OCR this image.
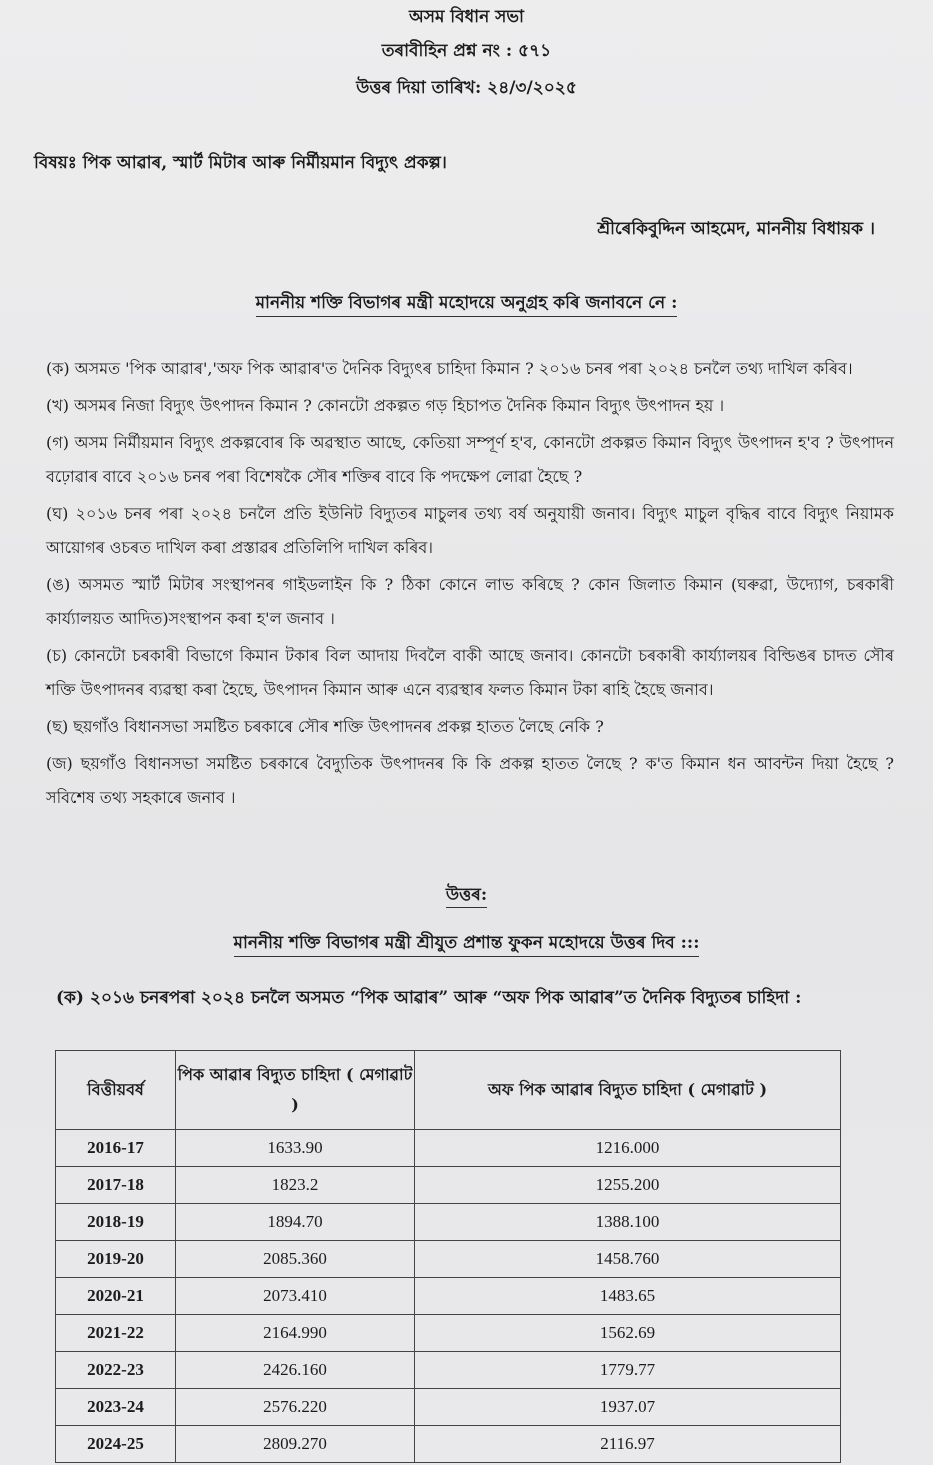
অসম বিধান সভা
তৰাবীহিন প্ৰশ্ন নং : ৫৭১
উত্তৰ দিয়া তাৰিখ: ২৪/৩/২০২৫
বিষয়ঃ পিক আৱাৰ, স্মাৰ্ট মিটাৰ আৰু নিৰ্মীয়মান বিদ্যুৎ প্ৰকল্প।
শ্ৰীৰেকিবুদ্দিন আহমেদ, মাননীয় বিধায়ক ।
মাননীয় শক্তি বিভাগৰ মন্ত্ৰী মহোদয়ে অনুগ্ৰহ কৰি জনাবনে নে :

(ক) অসমত 'পিক আৱাৰ','অফ পিক আৱাৰ'ত দৈনিক বিদ্যুৎৰ চাহিদা কিমান ? ২০১৬ চনৰ পৰা ২০২৪ চনলৈ তথ্য দাখিল কৰিব।

(খ) অসমৰ নিজা বিদ্যুৎ উৎপাদন কিমান ? কোনটো প্ৰকল্পত গড় হিচাপত দৈনিক কিমান বিদ্যুৎ উৎপাদন হয় ।

(গ) অসম নিৰ্মীয়মান বিদ্যুৎ প্ৰকল্পবোৰ কি অৱস্থাত আছে, কেতিয়া সম্পূৰ্ণ হ'ব, কোনটো প্ৰকল্পত কিমান বিদ্যুৎ উৎপাদন হ'ব ? উৎপাদন বঢ়োৱাৰ বাবে ২০১৬ চনৰ পৰা বিশেষকৈ সৌৰ শক্তিৰ বাবে কি পদক্ষেপ লোৱা হৈছে ?

(ঘ) ২০১৬ চনৰ পৰা ২০২৪ চনলৈ প্ৰতি ইউনিট বিদ্যুতৰ মাচুলৰ তথ্য বৰ্ষ অনুযায়ী জনাব। বিদ্যুৎ মাচুল বৃদ্ধিৰ বাবে বিদ্যুৎ নিয়ামক আয়োগৰ ওচৰত দাখিল কৰা প্ৰস্তাৱৰ প্ৰতিলিপি দাখিল কৰিব।

(ঙ) অসমত স্মাৰ্ট মিটাৰ সংস্থাপনৰ গাইডলাইন কি ? ঠিকা কোনে লাভ কৰিছে ? কোন জিলাত কিমান (ঘৰুৱা, উদ্যোগ, চৰকাৰী কাৰ্য্যালয়ত আদিত)সংস্থাপন কৰা হ'ল জনাব ।

(চ) কোনটো চৰকাৰী বিভাগে কিমান টকাৰ বিল আদায় দিবলৈ বাকী আছে জনাব। কোনটো চৰকাৰী কাৰ্য্যালয়ৰ বিল্ডিঙৰ চাদত সৌৰ শক্তি উৎপাদনৰ ব্যৱস্থা কৰা হৈছে, উৎপাদন কিমান আৰু এনে ব্যৱস্থাৰ ফলত কিমান টকা ৰাহি হৈছে জনাব।

(ছ) ছয়গাঁও বিধানসভা সমষ্টিত চৰকাৰে সৌৰ শক্তি উৎপাদনৰ প্ৰকল্প হাতত লৈছে নেকি ?

(জ) ছয়গাঁও বিধানসভা সমষ্টিত চৰকাৰে বৈদ্যুতিক উৎপাদনৰ কি কি প্ৰকল্প হাতত লৈছে ? ক'ত কিমান ধন আবন্টন দিয়া হৈছে ? সবিশেষ তথ্য সহকাৰে জনাব ।

উত্তৰ:
মাননীয় শক্তি বিভাগৰ মন্ত্ৰী শ্ৰীযুত প্ৰশান্ত ফুকন মহোদয়ে উত্তৰ দিব :::
(ক) ২০১৬ চনৰপৰা ২০২৪ চনলৈ অসমত “পিক আৱাৰ” আৰু “অফ পিক আৱাৰ”ত দৈনিক বিদ্যুতৰ চাহিদা :
বিত্তীয়বৰ্ষ	পিক আৱাৰ বিদ্যুত চাহিদা ( মেগাৱাট )	অফ পিক আৱাৰ বিদ্যুত চাহিদা ( মেগাৱাট )
2016-17	1633.90	1216.000
2017-18	1823.2	1255.200
2018-19	1894.70	1388.100
2019-20	2085.360	1458.760
2020-21	2073.410	1483.65
2021-22	2164.990	1562.69
2022-23	2426.160	1779.77
2023-24	2576.220	1937.07
2024-25	2809.270	2116.97
